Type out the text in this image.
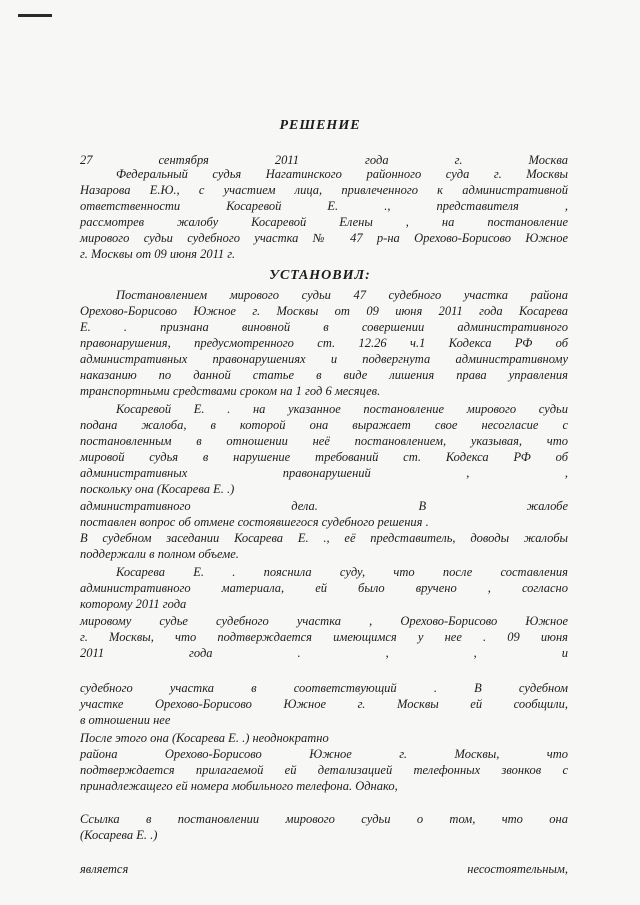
РЕШЕНИЕ
УСТАНОВИЛ:
27 сентября 2011 года г. Москва
Федеральный судья Нагатинского районного суда г. Москвы
Назарова Е.Ю., с участием лица, привлеченного к административной
ответственности Косаревой Е. ., представителя ,
рассмотрев жалобу Косаревой Елены , на постановление
мирового судьи судебного участка № 47 р-на Орехово-Борисово Южное
г. Москвы от 09 июня 2011 г.
Постановлением мирового судьи 47 судебного участка района
Орехово-Борисово Южное г. Москвы от 09 июня 2011 года Косарева
Е. . признана виновной в совершении административного
правонарушения, предусмотренного ст. 12.26 ч.1 Кодекса РФ об
административных правонарушениях и подвергнута административному
наказанию по данной статье в виде лишения права управления
транспортными средствами сроком на 1 год 6 месяцев.
Косаревой Е. . на указанное постановление мирового судьи
подана жалоба, в которой она выражает свое несогласие с
постановленным в отношении неё постановлением, указывая, что
мировой судья в нарушение требований ст. Кодекса РФ об
административных правонарушений , ,
поскольку она (Косарева Е. .)
административного дела. В жалобе
поставлен вопрос об отмене состоявшегося судебного решения .
В судебном заседании Косарева Е. ., её представитель, доводы жалобы
поддержали в полном объеме.
Косарева Е. . пояснила суду, что после составления
административного материала, ей было вручено , согласно
которому 2011 года
мировому судье судебного участка , Орехово-Борисово Южное
г. Москвы, что подтверждается имеющимся у нее . 09 июня
2011 года . , , и
судебного участка в соответствующий . В судебном
участке Орехово-Борисово Южное г. Москвы ей сообщили,
в отношении нее
После этого она (Косарева Е. .) неоднократно
района Орехово-Борисово Южное г. Москвы, что
подтверждается прилагаемой ей детализацией телефонных звонков с
принадлежащего ей номера мобильного телефона. Однако,
Ссылка в постановлении мирового судьи о том, что она
(Косарева Е. .)
является несостоятельным,
